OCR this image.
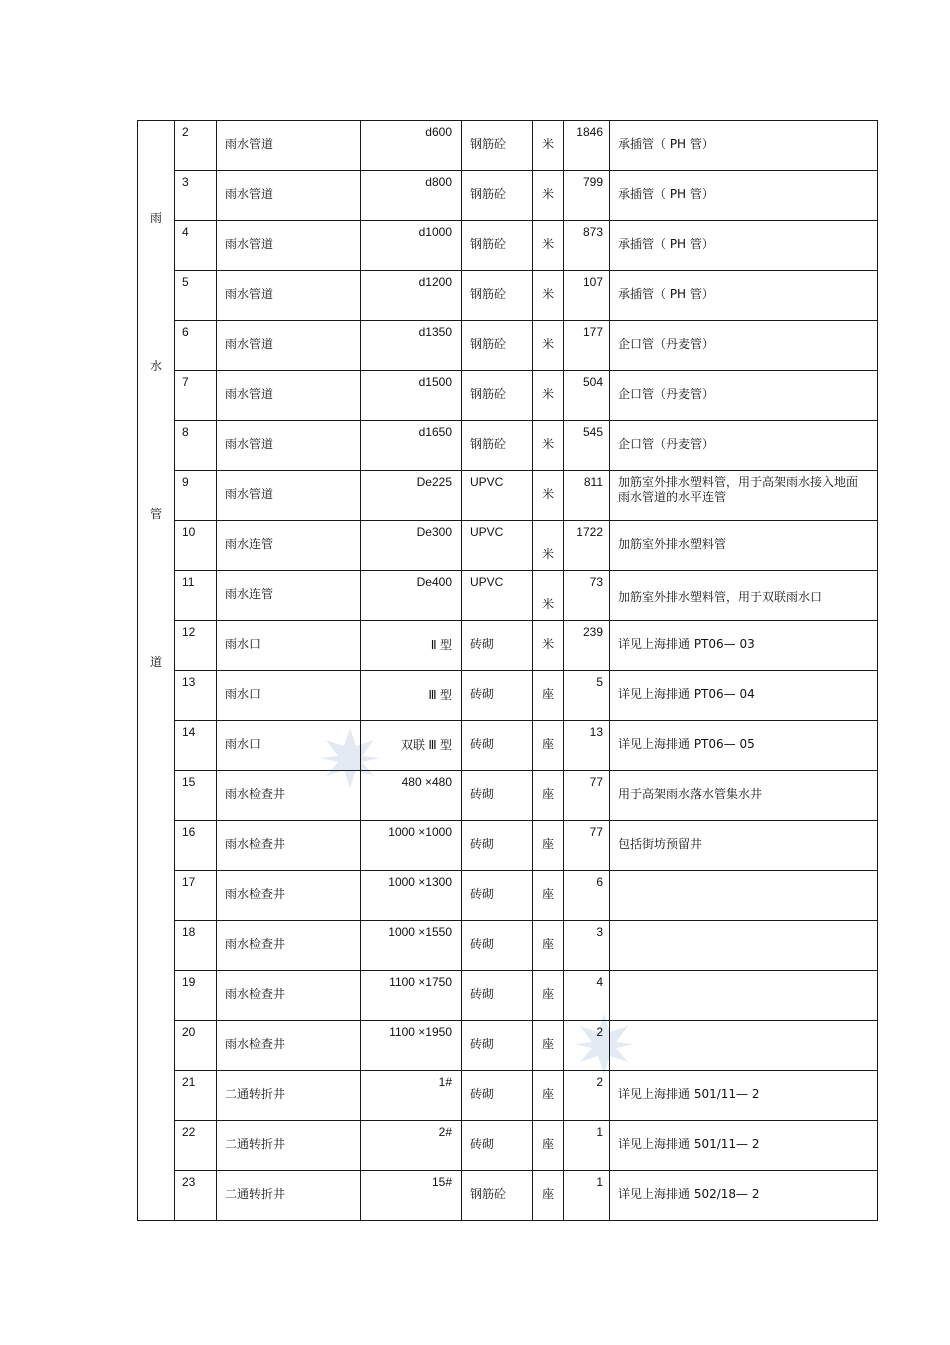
雨
水
管
道	2	雨水管道	d600	钢筋砼	米	1846	承插管（ PH 管）

	3	雨水管道	d800	钢筋砼	米	799	承插管（ PH 管）

	4	雨水管道	d1000	钢筋砼	米	873	承插管（ PH 管）

	5	雨水管道	d1200	钢筋砼	米	107	承插管（ PH 管）

	6	雨水管道	d1350	钢筋砼	米	177	企口管（丹麦管）

	7	雨水管道	d1500	钢筋砼	米	504	企口管（丹麦管）

	8	雨水管道	d1650	钢筋砼	米	545	企口管（丹麦管）

	9	雨水管道	De225	UPVC	米	811	加筋室外排水塑料管，用于高架雨水接入地面雨水管道的水平连管

	10	雨水连管	De300	UPVC	米	1722	加筋室外排水塑料管

	11	雨水连管	De400	UPVC	米	73	加筋室外排水塑料管，用于双联雨水口

	12	雨水口	Ⅱ 型	砖砌	米	239	详见上海排通 PT06— 03

	13	雨水口	Ⅲ 型	砖砌	座	5	详见上海排通 PT06— 04

	14	雨水口	双联 Ⅲ 型	砖砌	座	13	详见上海排通 PT06— 05

	15	雨水检查井	480 ×480	砖砌	座	77	用于高架雨水落水管集水井

	16	雨水检查井	1000 ×1000	砖砌	座	77	包括街坊预留井

	17	雨水检查井	1000 ×1300	砖砌	座	6	

	18	雨水检查井	1000 ×1550	砖砌	座	3	

	19	雨水检查井	1100 ×1750	砖砌	座	4	

	20	雨水检查井	1100 ×1950	砖砌	座	2	

	21	二通转折井	1#	砖砌	座	2	详见上海排通 501/11— 2

	22	二通转折井	2#	砖砌	座	1	详见上海排通 501/11— 2

	23	二通转折井	15#	钢筋砼	座	1	详见上海排通 502/18— 2
